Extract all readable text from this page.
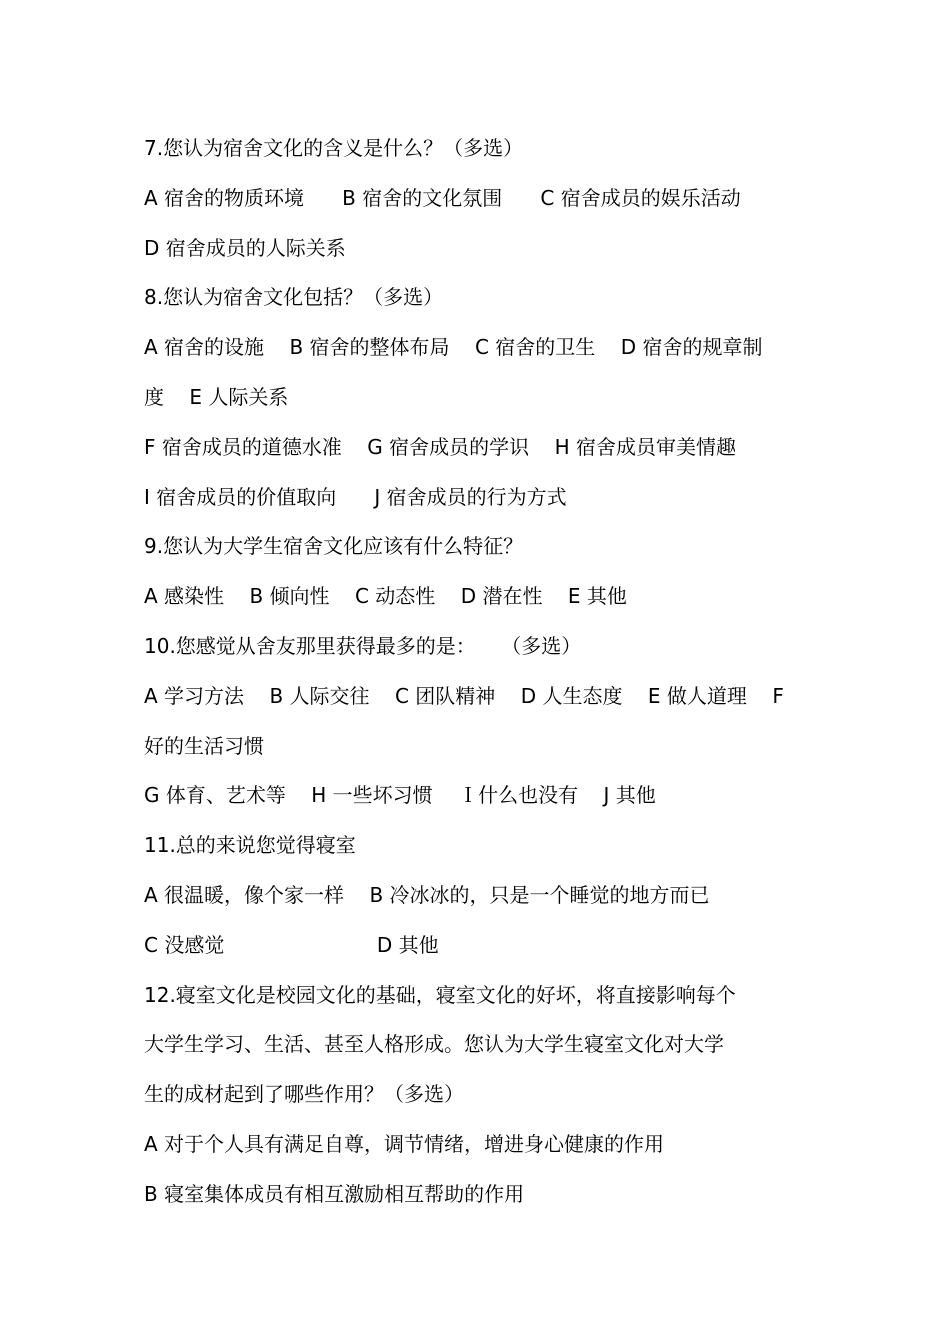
7.您认为宿舍文化的含义是什么？（多选）
A 宿舍的物质环境      B 宿舍的文化氛围      C 宿舍成员的娱乐活动
D 宿舍成员的人际关系
8.您认为宿舍文化包括？（多选）
A 宿舍的设施    B 宿舍的整体布局    C 宿舍的卫生    D 宿舍的规章制
度    E 人际关系
F 宿舍成员的道德水准    G 宿舍成员的学识    H 宿舍成员审美情趣
I 宿舍成员的价值取向      J 宿舍成员的行为方式
9.您认为大学生宿舍文化应该有什么特征？
A 感染性    B 倾向性    C 动态性    D 潜在性    E 其他
10.您感觉从舍友那里获得最多的是：    （多选）
A 学习方法    B 人际交往    C 团队精神    D 人生态度    E 做人道理    F
好的生活习惯
G 体育、艺术等    H 一些坏习惯    Ｉ什么也没有    J 其他
11.总的来说您觉得寝室
A 很温暖，像个家一样    B 冷冰冰的，只是一个睡觉的地方而已
C 没感觉                        D 其他
12.寝室文化是校园文化的基础，寝室文化的好坏，将直接影响每个
大学生学习、生活、甚至人格形成。您认为大学生寝室文化对大学
生的成材起到了哪些作用？（多选）
A 对于个人具有满足自尊，调节情绪，增进身心健康的作用
B 寝室集体成员有相互激励相互帮助的作用
